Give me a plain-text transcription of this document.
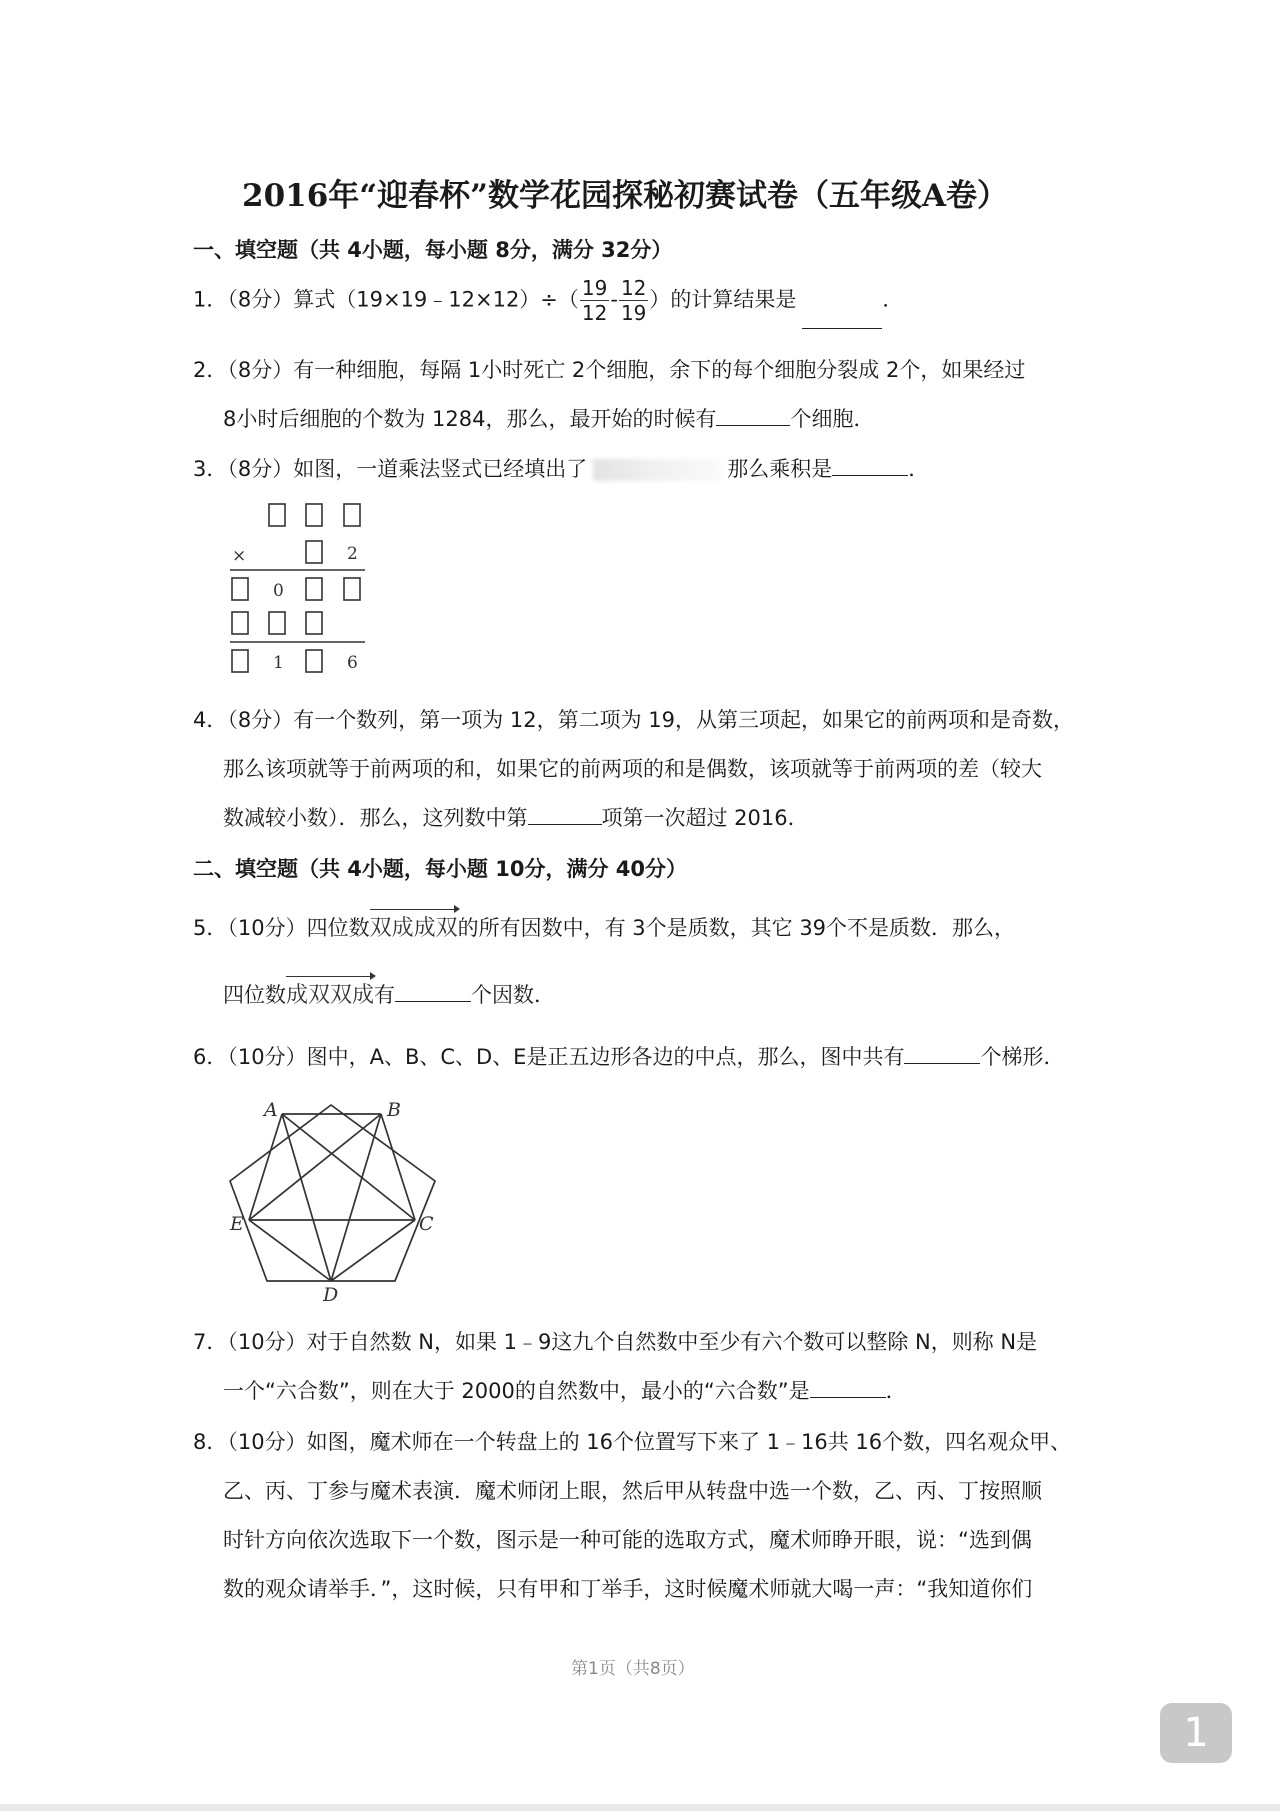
2016年“迎春杯”数学花园探秘初赛试卷（五年级A卷）
一、填空题（共 4小题，每小题 8分，满分 32分）
1．（8分）算式（19×19﹣12×12）÷（ $\frac{19}{12} - \frac{12}{19}$ ）的计算结果是	．
2．（8分）有一种细胞，每隔 1小时死亡 2个细胞，余下的每个细胞分裂成 2个，如果经过
8小时后细胞的个数为 1284，那么，最开始的时候有	个细胞．
3．（8分）如图，一道乘法竖式已经填出了	那么乘积是	．
×	2
0
1	6
4．（8分）有一个数列，第一项为 12，第二项为 19，从第三项起，如果它的前两项和是奇数，
那么该项就等于前两项的和，如果它的前两项的和是偶数，该项就等于前两项的差（较大
数减较小数）．那么，这列数中第	项第一次超过 2016．
二、填空题（共 4小题，每小题 10分，满分 40分）
5．（10分）四位数双成成双的所有因数中，有 3个是质数，其它 39个不是质数．那么，
四位数成双双成有	个因数．
6．（10分）图中，A、B、C、D、E是正五边形各边的中点，那么，图中共有	个梯形．
A	B
C
D
E
7．（10分）对于自然数 N，如果 1﹣9这九个自然数中至少有六个数可以整除 N，则称 N是
一个“六合数”，则在大于 2000的自然数中，最小的“六合数”是	．
8．（10分）如图，魔术师在一个转盘上的 16个位置写下来了 1﹣16共 16个数，四名观众甲、
乙、丙、丁参与魔术表演．魔术师闭上眼，然后甲从转盘中选一个数，乙、丙、丁按照顺
时针方向依次选取下一个数，图示是一种可能的选取方式，魔术师睁开眼，说：“选到偶
数的观众请举手．”，这时候，只有甲和丁举手，这时候魔术师就大喝一声：“我知道你们
第1页（共8页）
1
